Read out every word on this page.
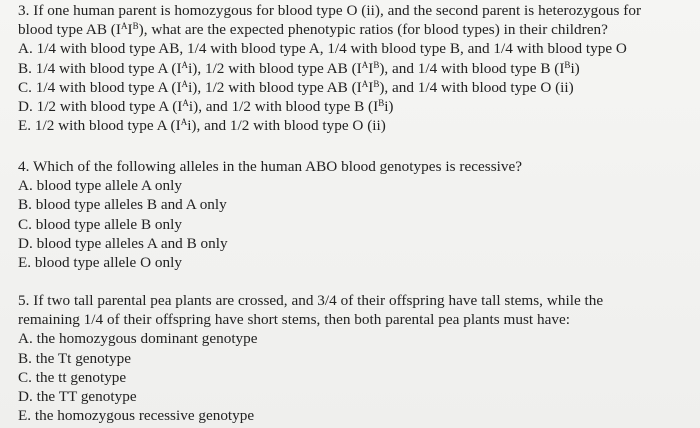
3. If one human parent is homozygous for blood type O (ii), and the second parent is heterozygous for
blood type AB $(I^AI^B)$, what are the expected phenotypic ratios (for blood types) in their children?
A. 1/4 with blood type AB, 1/4 with blood type A, 1/4 with blood type B, and 1/4 with blood type O
B. 1/4 with blood type A $(I^Ai)$, 1/2 with blood type AB $(I^AI^B)$, and 1/4 with blood type B $(I^Bi)$
C. 1/4 with blood type A $(I^Ai)$, 1/2 with blood type AB $(I^AI^B)$, and 1/4 with blood type O (ii)
D. 1/2 with blood type A $(I^Ai)$, and 1/2 with blood type B $(I^Bi)$
E. 1/2 with blood type A $(I^Ai)$, and 1/2 with blood type O (ii)
4. Which of the following alleles in the human ABO blood genotypes is recessive?
A. blood type allele A only
B. blood type alleles B and A only
C. blood type allele B only
D. blood type alleles A and B only
E. blood type allele O only
5. If two tall parental pea plants are crossed, and 3/4 of their offspring have tall stems, while the
remaining 1/4 of their offspring have short stems, then both parental pea plants must have:
A. the homozygous dominant genotype
B. the Tt genotype
C. the tt genotype
D. the TT genotype
E. the homozygous recessive genotype
